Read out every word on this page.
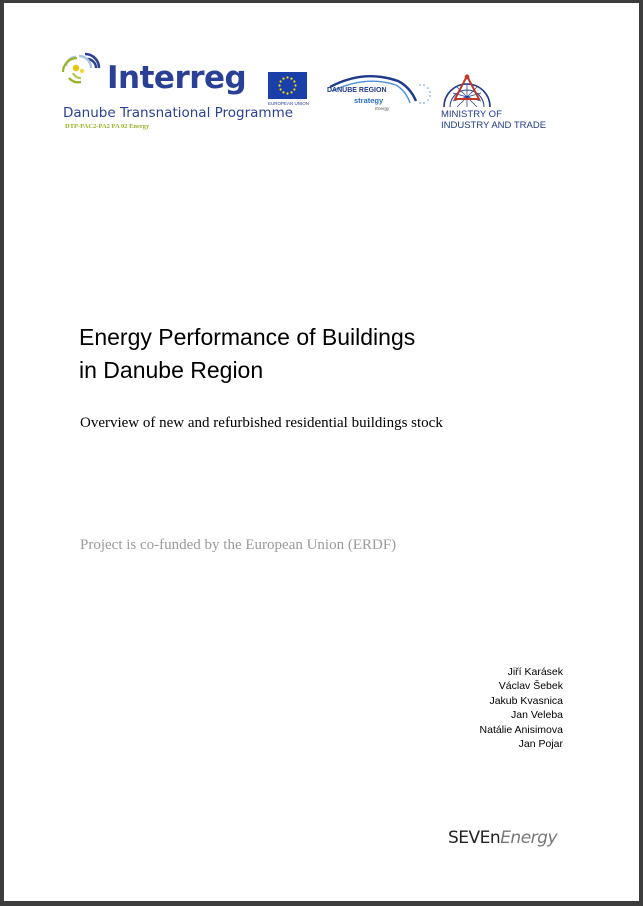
Interreg
Danube Transnational Programme
DTP-PAC2-PA2 PA 02 Energy
EUROPEAN UNION
DANUBE REGION
strategy
Energy
MINISTRY OF
INDUSTRY AND TRADE
Energy Performance of Buildings
in Danube Region
Overview of new and refurbished residential buildings stock
Project is co-funded by the European Union (ERDF)
Jiří Karásek
Václav Šebek
Jakub Kvasnica
Jan Veleba
Natálie Anisimova
Jan Pojar
SEVEnEnergy
